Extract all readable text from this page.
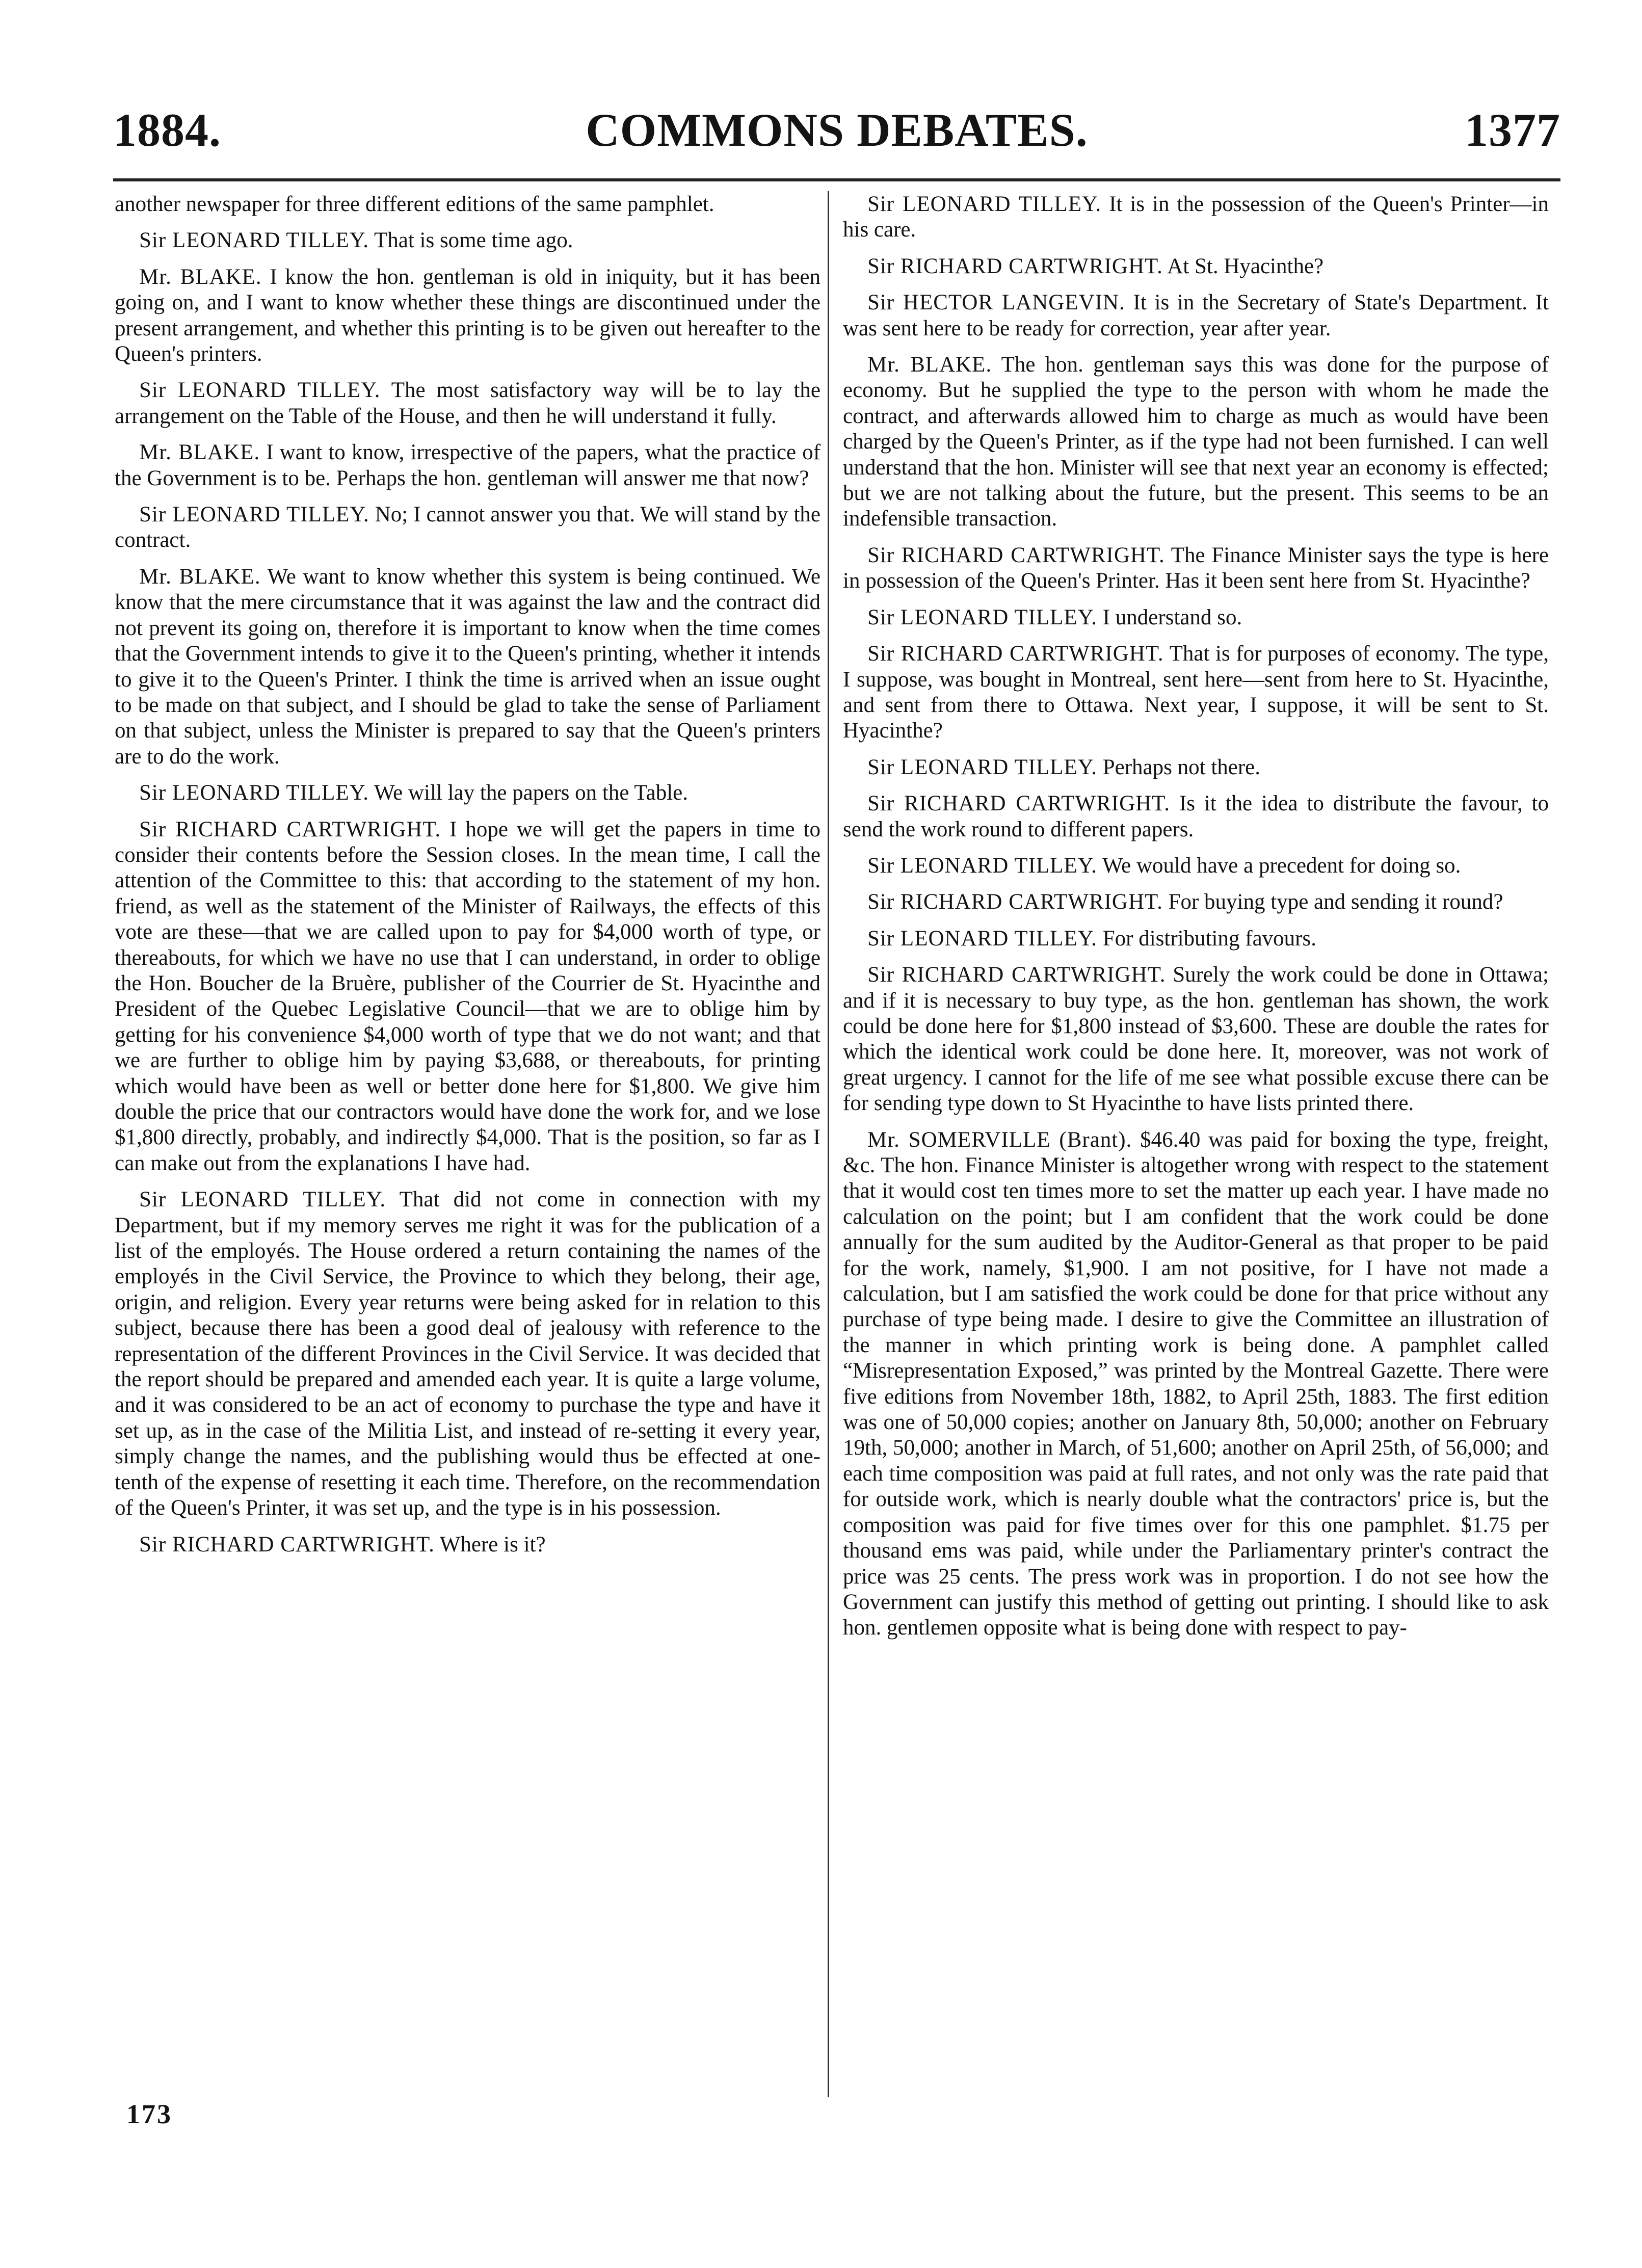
1884.	COMMONS DEBATES.	1377

another newspaper for three different editions of the same pamphlet.

Sir LEONARD TILLEY. That is some time ago.

Mr. BLAKE. I know the hon. gentleman is old in iniquity, but it has been going on, and I want to know whether these things are discontinued under the present arrangement, and whether this printing is to be given out hereafter to the Queen's printers.

Sir LEONARD TILLEY. The most satisfactory way will be to lay the arrangement on the Table of the House, and then he will understand it fully.

Mr. BLAKE. I want to know, irrespective of the papers, what the practice of the Government is to be. Perhaps the hon. gentleman will answer me that now?

Sir LEONARD TILLEY. No; I cannot answer you that. We will stand by the contract.

Mr. BLAKE. We want to know whether this system is being continued. We know that the mere circumstance that it was against the law and the contract did not prevent its going on, therefore it is important to know when the time comes that the Government intends to give it to the Queen's printing, whether it intends to give it to the Queen's Printer. I think the time is arrived when an issue ought to be made on that subject, and I should be glad to take the sense of Parliament on that subject, unless the Minister is prepared to say that the Queen's printers are to do the work.

Sir LEONARD TILLEY. We will lay the papers on the Table.

Sir RICHARD CARTWRIGHT. I hope we will get the papers in time to consider their contents before the Session closes. In the mean time, I call the attention of the Committee to this: that according to the statement of my hon. friend, as well as the statement of the Minister of Railways, the effects of this vote are these—that we are called upon to pay for $4,000 worth of type, or thereabouts, for which we have no use that I can understand, in order to oblige the Hon. Boucher de la Bruère, publisher of the Courrier de St. Hyacinthe and President of the Quebec Legislative Council—that we are to oblige him by getting for his convenience $4,000 worth of type that we do not want; and that we are further to oblige him by paying $3,688, or thereabouts, for printing which would have been as well or better done here for $1,800. We give him double the price that our contractors would have done the work for, and we lose $1,800 directly, probably, and indirectly $4,000. That is the position, so far as I can make out from the explanations I have had.

Sir LEONARD TILLEY. That did not come in connection with my Department, but if my memory serves me right it was for the publication of a list of the employés. The House ordered a return containing the names of the employés in the Civil Service, the Province to which they belong, their age, origin, and religion. Every year returns were being asked for in relation to this subject, because there has been a good deal of jealousy with reference to the representation of the different Provinces in the Civil Service. It was decided that the report should be prepared and amended each year. It is quite a large volume, and it was considered to be an act of economy to purchase the type and have it set up, as in the case of the Militia List, and instead of re-setting it every year, simply change the names, and the publishing would thus be effected at one-tenth of the expense of resetting it each time. Therefore, on the recommendation of the Queen's Printer, it was set up, and the type is in his possession.

Sir RICHARD CARTWRIGHT. Where is it?

Sir LEONARD TILLEY. It is in the possession of the Queen's Printer—in his care.

Sir RICHARD CARTWRIGHT. At St. Hyacinthe?

Sir HECTOR LANGEVIN. It is in the Secretary of State's Department. It was sent here to be ready for correction, year after year.

Mr. BLAKE. The hon. gentleman says this was done for the purpose of economy. But he supplied the type to the person with whom he made the contract, and afterwards allowed him to charge as much as would have been charged by the Queen's Printer, as if the type had not been furnished. I can well understand that the hon. Minister will see that next year an economy is effected; but we are not talking about the future, but the present. This seems to be an indefensible transaction.

Sir RICHARD CARTWRIGHT. The Finance Minister says the type is here in possession of the Queen's Printer. Has it been sent here from St. Hyacinthe?

Sir LEONARD TILLEY. I understand so.

Sir RICHARD CARTWRIGHT. That is for purposes of economy. The type, I suppose, was bought in Montreal, sent here—sent from here to St. Hyacinthe, and sent from there to Ottawa. Next year, I suppose, it will be sent to St. Hyacinthe?

Sir LEONARD TILLEY. Perhaps not there.

Sir RICHARD CARTWRIGHT. Is it the idea to distribute the favour, to send the work round to different papers.

Sir LEONARD TILLEY. We would have a precedent for doing so.

Sir RICHARD CARTWRIGHT. For buying type and sending it round?

Sir LEONARD TILLEY. For distributing favours.

Sir RICHARD CARTWRIGHT. Surely the work could be done in Ottawa; and if it is necessary to buy type, as the hon. gentleman has shown, the work could be done here for $1,800 instead of $3,600. These are double the rates for which the identical work could be done here. It, moreover, was not work of great urgency. I cannot for the life of me see what possible excuse there can be for sending type down to St Hyacinthe to have lists printed there.

Mr. SOMERVILLE (Brant). $46.40 was paid for boxing the type, freight, &c. The hon. Finance Minister is altogether wrong with respect to the statement that it would cost ten times more to set the matter up each year. I have made no calculation on the point; but I am confident that the work could be done annually for the sum audited by the Auditor-General as that proper to be paid for the work, namely, $1,900. I am not positive, for I have not made a calculation, but I am satisfied the work could be done for that price without any purchase of type being made. I desire to give the Committee an illustration of the manner in which printing work is being done. A pamphlet called “Misrepresentation Exposed,” was printed by the Montreal Gazette. There were five editions from November 18th, 1882, to April 25th, 1883. The first edition was one of 50,000 copies; another on January 8th, 50,000; another on February 19th, 50,000; another in March, of 51,600; another on April 25th, of 56,000; and each time composition was paid at full rates, and not only was the rate paid that for outside work, which is nearly double what the contractors' price is, but the composition was paid for five times over for this one pamphlet. $1.75 per thousand ems was paid, while under the Parliamentary printer's contract the price was 25 cents. The press work was in proportion. I do not see how the Government can justify this method of getting out printing. I should like to ask hon. gentlemen opposite what is being done with respect to pay-

173
